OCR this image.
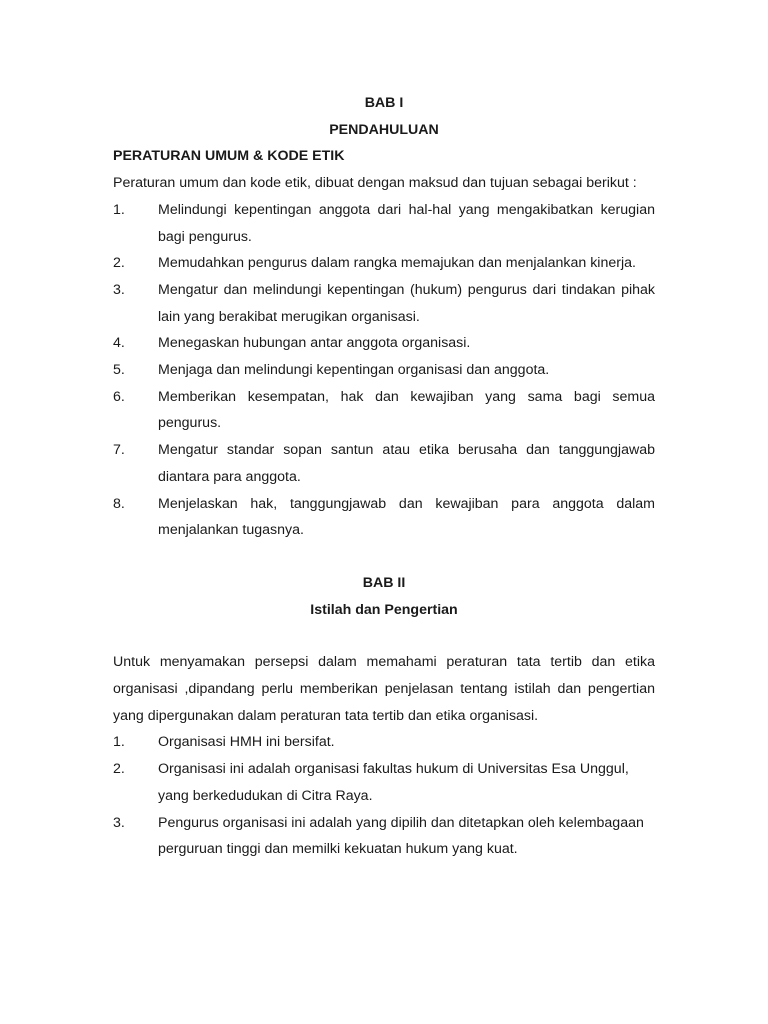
BAB I
PENDAHULUAN
PERATURAN UMUM & KODE ETIK
Peraturan umum dan kode etik, dibuat dengan maksud dan tujuan sebagai berikut :
1.	Melindungi kepentingan anggota dari hal-hal yang mengakibatkan kerugian bagi pengurus.
2.	Memudahkan pengurus dalam rangka memajukan dan menjalankan kinerja.
3.	Mengatur dan melindungi kepentingan (hukum) pengurus dari tindakan pihak lain yang berakibat merugikan organisasi.
4.	Menegaskan hubungan antar anggota organisasi.
5.	Menjaga dan melindungi kepentingan organisasi dan anggota.
6.	Memberikan kesempatan, hak dan kewajiban yang sama bagi semua pengurus.
7.	Mengatur standar sopan santun atau etika berusaha dan tanggungjawab diantara para anggota.
8.	Menjelaskan hak, tanggungjawab dan kewajiban para anggota dalam menjalankan tugasnya.
BAB II
Istilah dan Pengertian
Untuk menyamakan persepsi dalam memahami peraturan tata tertib dan etika organisasi ,dipandang perlu memberikan penjelasan tentang istilah dan pengertian yang dipergunakan dalam peraturan tata tertib dan etika organisasi.
1.	Organisasi HMH ini bersifat.
2.	Organisasi ini adalah organisasi fakultas hukum di Universitas Esa Unggul, yang berkedudukan di Citra Raya.
3.	Pengurus organisasi ini adalah yang dipilih dan ditetapkan oleh kelembagaan perguruan tinggi dan memilki kekuatan hukum yang kuat.
